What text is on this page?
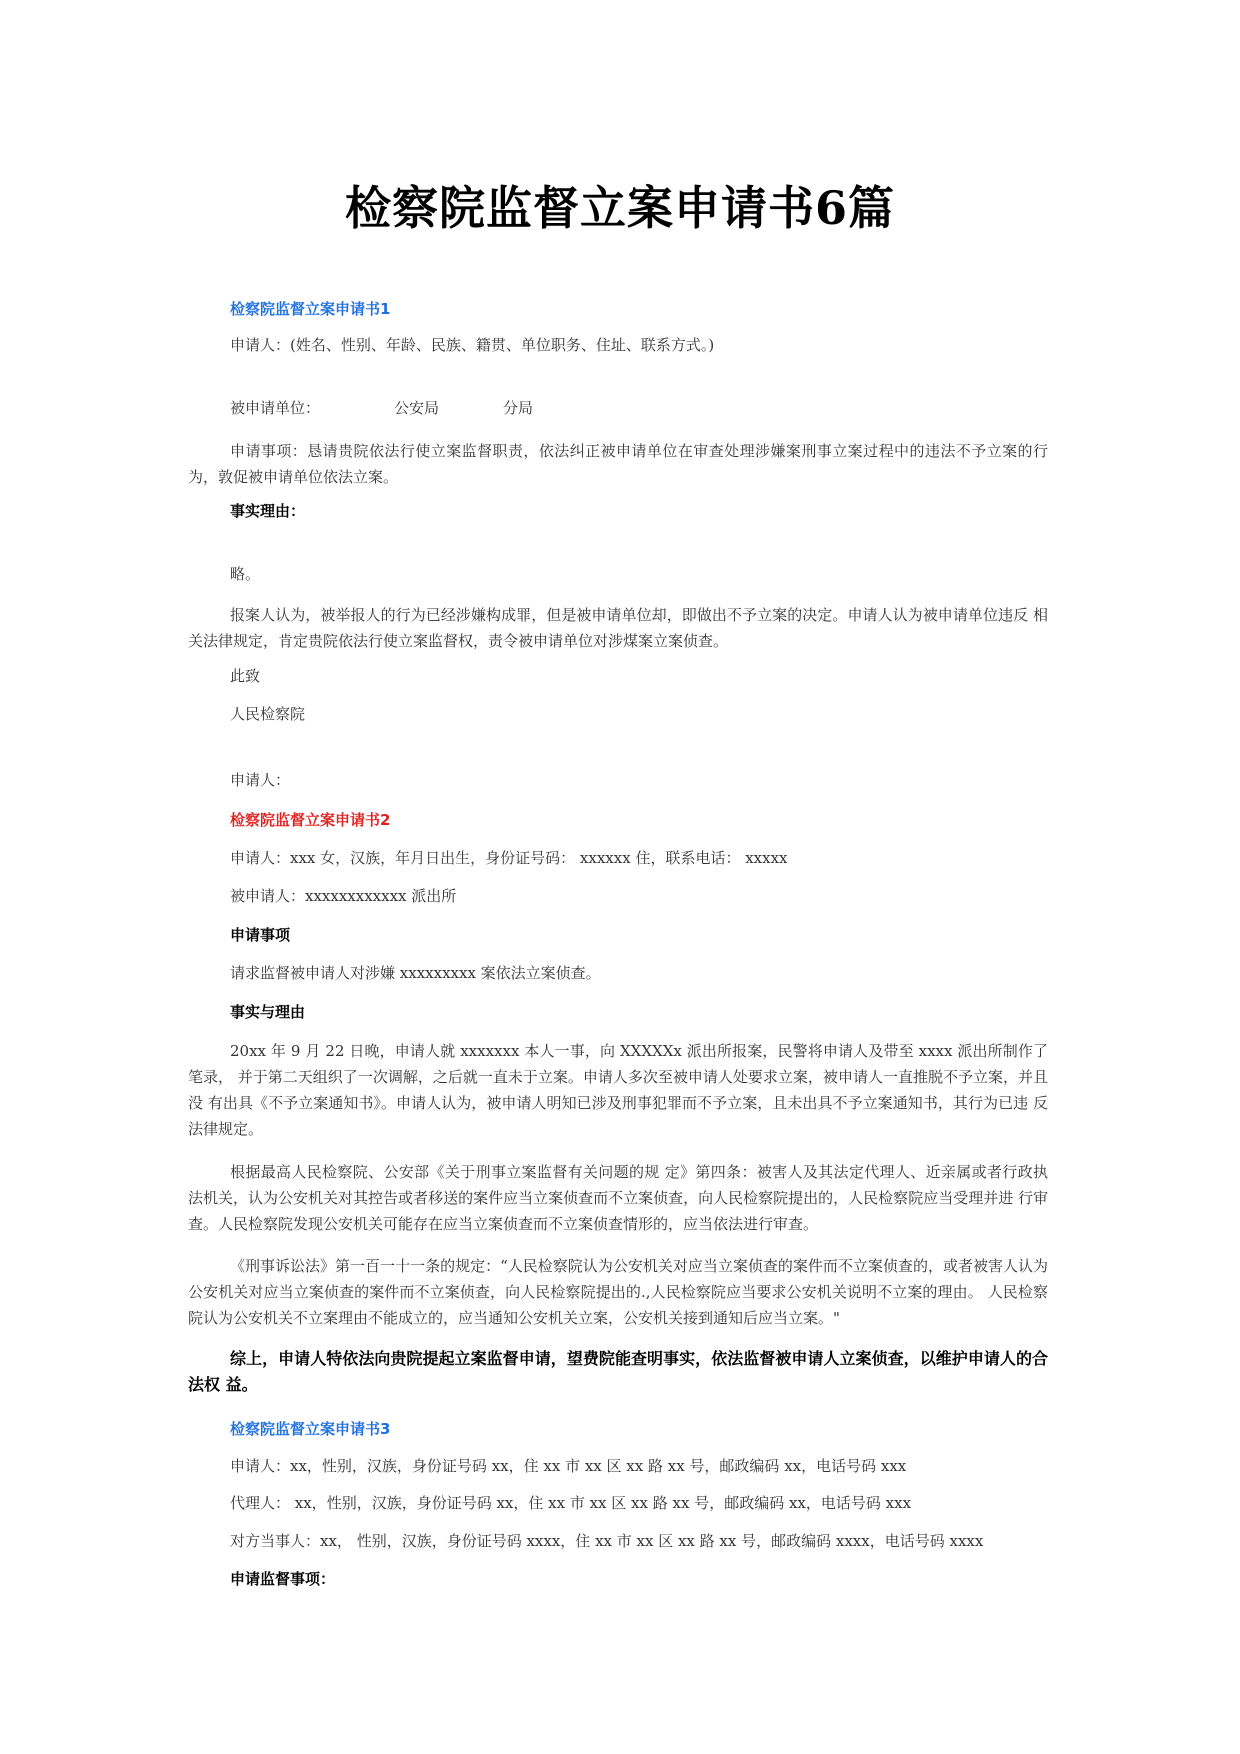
检察院监督立案申请书6篇
检察院监督立案申请书1
申请人：(姓名、性别、年龄、民族、籍贯、单位职务、住址、联系方式。)
被申请单位：	公安局	分局
申请事项：恳请贵院依法行使立案监督职责，依法纠正被申请单位在审查处理涉嫌案刑事立案过程中的违法不予立案的行 为，敦促被申请单位依法立案。
事实理由：
略。
报案人认为，被举报人的行为已经涉嫌构成罪，但是被申请单位却，即做出不予立案的决定。申请人认为被申请单位违反 相关法律规定，肯定贵院依法行使立案监督权，责令被申请单位对涉煤案立案侦查。
此致
人民检察院
申请人：
检察院监督立案申请书2
申请人：xxx 女，汉族，年月日出生，身份证号码： xxxxxx 住，联系电话： xxxxx
被申请人：xxxxxxxxxxxx 派出所
申请事项
请求监督被申请人对涉嫌 xxxxxxxxx 案依法立案侦查。
事实与理由
20xx 年 9 月 22 日晚，申请人就 xxxxxxx 本人一事，向 XXXXXx 派出所报案，民警将申请人及带至 xxxx 派出所制作了笔录， 并于第二天组织了一次调解，之后就一直未于立案。申请人多次至被申请人处要求立案，被申请人一直推脱不予立案，并且没 有出具《不予立案通知书》。申请人认为，被申请人明知已涉及刑事犯罪而不予立案，且未出具不予立案通知书，其行为已违 反法律规定。
根据最高人民检察院、公安部《关于刑事立案监督有关问题的规 定》第四条：被害人及其法定代理人、近亲属或者行政执 法机关，认为公安机关对其控告或者移送的案件应当立案侦查而不立案侦查，向人民检察院提出的，人民检察院应当受理并进 行审查。人民检察院发现公安机关可能存在应当立案侦查而不立案侦查情形的，应当依法进行审查。
《刑事诉讼法》第一百一十一条的规定：“人民检察院认为公安机关对应当立案侦查的案件而不立案侦查的，或者被害人认为公安机关对应当立案侦查的案件而不立案侦查，向人民检察院提出的.,人民检察院应当要求公安机关说明不立案的理由。 人民检察院认为公安机关不立案理由不能成立的，应当通知公安机关立案，公安机关接到通知后应当立案。"
综上，申请人特依法向贵院提起立案监督申请，望费院能查明事实，依法监督被申请人立案侦查，以维护申请人的合法权 益。
检察院监督立案申请书3
申请人：xx，性别，汉族，身份证号码 xx，住 xx 市 xx 区 xx 路 xx 号，邮政编码 xx，电话号码 xxx
代理人： xx，性别，汉族，身份证号码 xx，住 xx 市 xx 区 xx 路 xx 号，邮政编码 xx，电话号码 xxx
对方当事人：xx， 性别，汉族，身份证号码 xxxx，住 xx 市 xx 区 xx 路 xx 号，邮政编码 xxxx，电话号码 xxxx
申请监督事项：
